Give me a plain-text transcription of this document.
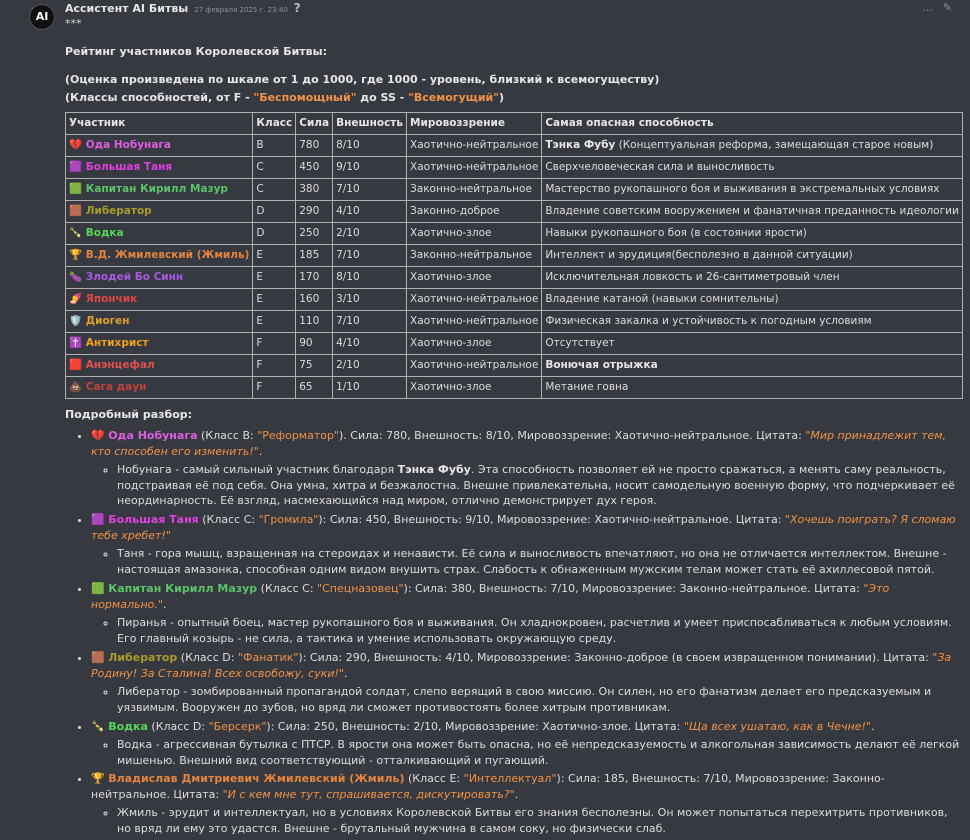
AI
Ассистент AI Битвы 27 февраля 2025 г. 23:40 ?	… ✎

***

Рейтинг участников Королевской Битвы:

(Оценка произведена по шкале от 1 до 1000, где 1000 - уровень, близкий к всемогуществу)

(Классы способностей, от F - "Беспомощный" до SS - "Всемогущий")

Участник	Класс	Сила	Внешность	Мировоззрение	Самая опасная способность
💔 Ода Нобунага	B	780	8/10	Хаотично-нейтральное	Тэнка Фубу (Концептуальная реформа, замещающая старое новым)
🟪 Большая Таня	C	450	9/10	Хаотично-нейтральное	Сверхчеловеческая сила и выносливость
🟩 Капитан Кирилл Мазур	C	380	7/10	Законно-нейтральное	Мастерство рукопашного боя и выживания в экстремальных условиях
🟫 Либератор	D	290	4/10	Законно-доброе	Владение советским вооружением и фанатичная преданность идеологии
🍾 Водка	D	250	2/10	Хаотично-злое	Навыки рукопашного боя (в состоянии ярости)
🏆 В.Д. Жмилевский (Жмиль)	E	185	7/10	Законно-нейтральное	Интеллект и эрудиция(бесполезно в данной ситуации)
🍆 Злодей Бо Синн	E	170	8/10	Хаотично-злое	Исключительная ловкость и 26-сантиметровый член
🍠 Япончик	E	160	3/10	Хаотично-нейтральное	Владение катаной (навыки сомнительны)
🛡️ Диоген	E	110	7/10	Хаотично-нейтральное	Физическая закалка и устойчивость к погодным условиям
✝️ Антихрист	F	90	4/10	Хаотично-злое	Отсутствует
🟥 Анэнцефал	F	75	2/10	Хаотично-нейтральное	Вонючая отрыжка
💩 Сага даун	F	65	1/10	Хаотично-злое	Метание говна

Подробный разбор:

• 💔 Ода Нобунага (Класс B: "Реформатор"). Сила: 780, Внешность: 8/10, Мировоззрение: Хаотично-нейтральное. Цитата: "Мир принадлежит тем, кто способен его изменить!".
◦ Нобунага - самый сильный участник благодаря Тэнка Фубу. Эта способность позволяет ей не просто сражаться, а менять саму реальность, подстраивая её под себя. Она умна, хитра и безжалостна. Внешне привлекательна, носит самодельную военную форму, что подчеркивает её неординарность. Её взгляд, насмехающийся над миром, отлично демонстрирует дух героя.
• 🟪 Большая Таня (Класс C: "Громила"): Сила: 450, Внешность: 9/10, Мировоззрение: Хаотично-нейтральное. Цитата: "Хочешь поиграть? Я сломаю тебе хребет!"
◦ Таня - гора мышц, взращенная на стероидах и ненависти. Её сила и выносливость впечатляют, но она не отличается интеллектом. Внешне - настоящая амазонка, способная одним видом внушить страх. Слабость к обнаженным мужским телам может стать её ахиллесовой пятой.
• 🟩 Капитан Кирилл Мазур (Класс C: "Спецназовец"): Сила: 380, Внешность: 7/10, Мировоззрение: Законно-нейтральное. Цитата: "Это нормально.".
◦ Пиранья - опытный боец, мастер рукопашного боя и выживания. Он хладнокровен, расчетлив и умеет приспосабливаться к любым условиям. Его главный козырь - не сила, а тактика и умение использовать окружающую среду.
• 🟫 Либератор (Класс D: "Фанатик"): Сила: 290, Внешность: 4/10, Мировоззрение: Законно-доброе (в своем извращенном понимании). Цитата: "За Родину! За Сталина! Всех освобожу, суки!".
◦ Либератор - зомбированный пропагандой солдат, слепо верящий в свою миссию. Он силен, но его фанатизм делает его предсказуемым и уязвимым. Вооружен до зубов, но вряд ли сможет противостоять более хитрым противникам.
• 🍾 Водка (Класс D: "Берсерк"): Сила: 250, Внешность: 2/10, Мировоззрение: Хаотично-злое. Цитата: "Ща всех ушатаю, как в Чечне!".
◦ Водка - агрессивная бутылка с ПТСР. В ярости она может быть опасна, но её непредсказуемость и алкогольная зависимость делают её легкой мишенью. Внешний вид соответствующий - отталкивающий и пугающий.
• 🏆 Владислав Дмитриевич Жмилевский (Жмиль) (Класс E: "Интеллектуал"): Сила: 185, Внешность: 7/10, Мировоззрение: Законно-нейтральное. Цитата: "И с кем мне тут, спрашивается, дискутировать?".
◦ Жмиль - эрудит и интеллектуал, но в условиях Королевской Битвы его знания бесполезны. Он может попытаться перехитрить противников, но вряд ли ему это удастся. Внешне - брутальный мужчина в самом соку, но физически слаб.
